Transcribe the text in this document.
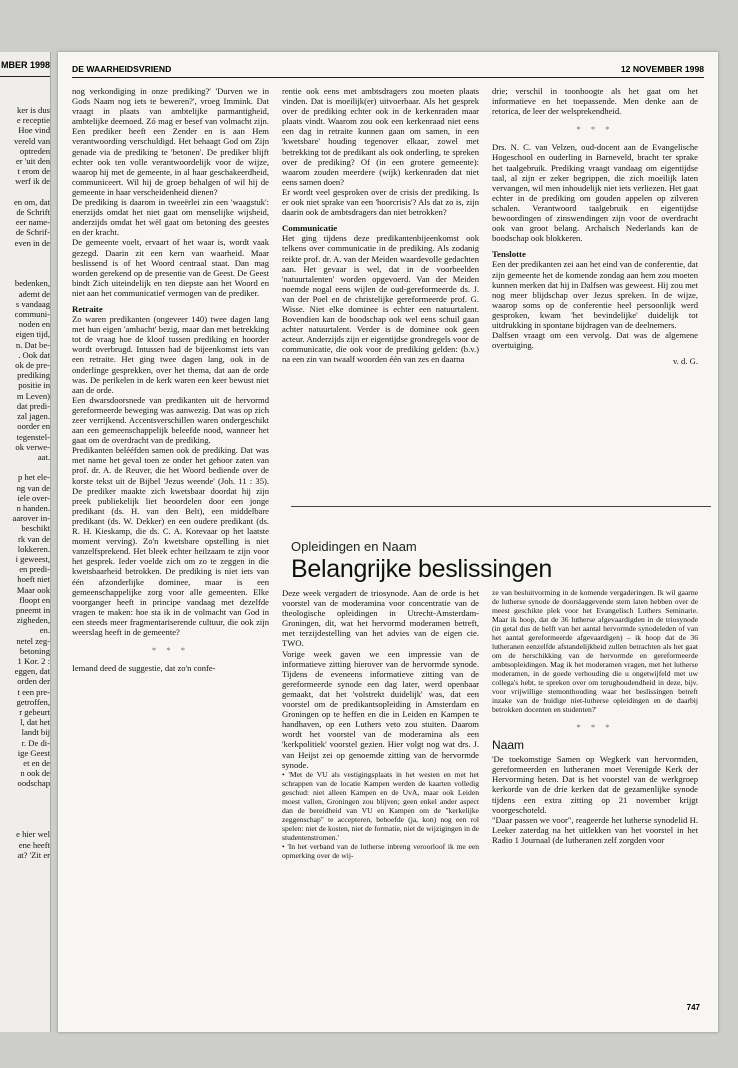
MBER 1998
ker is dus
e receptie
Hoe vind
vereld van
optreden
er 'uit den
t erom de
werf ik de

en om, dat
de Schrift
eer name-
de Schrif-
even in de

bedenken,
ademt de
s vandaag
communi-
noden en
eigen tijd,
n. Dat be-
. Ook dat
ok de pre-
prediking
positie in
m Leven)
dat predi-
zal jagen.
oorder en
tegenstel-
ok verwe-
aat.

p het ele-
ng van de
iele over-
n handen.
aarover in-
beschikt
rk van de
lokkeren.
i geweest,
en predi-
hoeft niet
Maar ook
floopt en
pneemt in
zigheden,
en.
netel zeg-
betoning
1 Kor. 2 :
eggen, dat
orden der
t een pre-
getroffen,
r gebeurt
l, dat het
landt bij
r. De di-
ige Geest
et en de
n ook de
oodschap

e hier wel
ene heeft
at? 'Zit er
DE WAARHEIDSVRIEND	12 NOVEMBER 1998

nog verkondiging in onze prediking?' 'Durven we in Gods Naam nog iets te beweren?', vroeg Immink. Dat vraagt in plaats van ambtelijke parmantigheid, ambtelijke deemoed. Zó mag er besef van volmacht zijn. Een prediker heeft een Zender en is aan Hem verantwoording verschuldigd. Het behaagt God om Zijn genade via de prediking te 'betonen'. De prediker blijft echter ook ten volle verantwoordelijk voor de wijze, waarop hij met de gemeente, in al haar geschakeerdheid, communiceert. Wil hij de groep behalgen of wil hij de gemeente in haar verscheidenheid dienen?

De prediking is daarom in tweeërlei zin een 'waagstuk': enerzijds omdat het niet gaat om menselijke wijsheid, anderzijds omdat het wèl gaat om betoning des geestes en der kracht.

De gemeente voelt, ervaart of het waar is, wordt vaak gezegd. Daarin zit een kern van waarheid. Maar beslissend is of het Woord centraal staat. Dan mag worden gerekend op de presentie van de Geest. De Geest bindt Zich uiteindelijk en ten diepste aan het Woord en niet aan het communicatief vermogen van de prediker.

Retraite

Zo waren predikanten (ongeveer 140) twee dagen lang met hun eigen 'ambacht' bezig, maar dan met betrekking tot de vraag hoe de kloof tussen prediking en hoorder wordt overbrugd. Intussen had de bijeenkomst iets van een retraite. Het ging twee dagen lang, ook in de onderlinge gesprekken, over het thema, dat aan de orde was. De perikelen in de kerk waren een keer bewust niet aan de orde.

Een dwarsdoorsnede van predikanten uit de hervormd gereformeerde beweging was aanwezig. Dat was op zich zeer verrijkend. Accentsverschillen waren ondergeschikt aan een gemeenschappelijk beleefde nood, wanneer het gaat om de overdracht van de prediking.

Predikanten belééfden samen ook de prediking. Dat was met name het geval toen ze onder het gehoor zaten van prof. dr. A. de Reuver, die het Woord bediende over de korste tekst uit de Bijbel 'Jezus weende' (Joh. 11 : 35). De prediker maakte zich kwetsbaar doordat hij zijn preek publiekelijk liet beoordelen door een jonge predikant (ds. H. van den Belt), een middelbare predikant (ds. W. Dekker) en een oudere predikant (ds. R. H. Kieskamp, die ds. C. A. Korevaar op het laatste moment verving). Zo'n kwetsbare opstelling is niet vanzelfsprekend. Het bleek echter heilzaam te zijn voor het gesprek. Ieder voelde zich om zo te zeggen in die kwetsbaarheid betrokken. De prediking is niet iets van één afzonderlijke dominee, maar is een gemeenschappelijke zorg voor alle gemeenten. Elke voorganger heeft in principe vandaag met dezelfde vragen te maken: hoe sta ik in de volmacht van God in een steeds meer fragmentariserende cultuur, die ook zijn weerslag heeft in de gemeente?

* * *

Iemand deed de suggestie, dat zo'n confe-

rentie ook eens met ambtsdragers zou moeten plaats vinden. Dat is moeilijk(er) uitvoerbaar. Als het gesprek over de prediking echter ook in de kerkenraden maar plaats vindt. Waarom zou ook een kerkenraad niet eens een dag in retraite kunnen gaan om samen, in een 'kwetsbare' houding tegenover elkaar, zowel met betrekking tot de predikant als ook onderling, te spreken over de prediking? Of (in een grotere gemeente): waarom zouden meerdere (wijk) kerkenraden dat niet eens samen doen?

Er wordt veel gesproken over de crisis der prediking. Is er ook niet sprake van een 'hoorcrisis'? Als dat zo is, zijn daarin ook de ambtsdragers dan niet betrokken?

Communicatie

Het ging tijdens deze predikantenbijeenkomst ook telkens over communicatie in de prediking. Als zodanig reikte prof. dr. A. van der Meiden waardevolle gedachten aan. Het gevaar is wel, dat in de voorbeelden 'natuurtalenten' worden opgevoerd. Van der Meiden noemde nogal eens wijlen de oud-gereformeerde ds. J. van der Poel en de christelijke gereformeerde prof. G. Wisse. Niet elke dominee is echter een natuurtalent. Bovendien kan de boodschap ook wel eens schuil gaan achter natuurtalent. Verder is de dominee ook geen acteur. Anderzijds zijn er eigentijdse grondregels voor de communicatie, die ook voor de prediking gelden: (b.v.) na een zin van twaalf woorden één van zes en daarna

drie; verschil in toonhoogte als het gaat om het informatieve en het toepassende. Men denke aan de retorica, de leer der welsprekendheid.

* * *

Drs. N. C. van Velzen, oud-docent aan de Evangelische Hogeschool en ouderling in Barneveld, bracht ter sprake het taalgebruik. Prediking vraagt vandaag om eigentijdse taal, al zijn er zeker begrippen, die zich moeilijk laten vervangen, wil men inhoudelijk niet iets verliezen. Het gaat echter in de prediking om gouden appelen op zilveren schalen. Verantwoord taalgebruik en eigentijdse bewoordingen of zinswendingen zijn voor de overdracht ook van groot belang. Archaïsch Nederlands kan de boodschap ook blokkeren.

Tenslotte

Een der predikanten zei aan het eind van de conferentie, dat zijn gemeente het de komende zondag aan hem zou moeten kunnen merken dat hij in Dalfsen was geweest. Hij zou met nog meer blijdschap over Jezus spreken. In de wijze, waarop soms op de conferentie heel persoonlijk werd gesproken, kwam 'het bevindelijke' duidelijk tot uitdrukking in spontane bijdragen van de deelnemers.

Dalfsen vraagt om een vervolg. Dat was de algemene overtuiging.

v. d. G.
Opleidingen en Naam
Belangrijke beslissingen

Deze week vergadert de triosynode. Aan de orde is het voorstel van de moderamina voor concentratie van de theologische opleidingen in Utrecht-Amsterdam-Groningen, dit, wat het hervormd moderamen betreft, met terzijdestelling van het advies van de eigen cie. TWO.

Vorige week gaven we een impressie van de informatieve zitting hierover van de hervormde synode. Tijdens de eveneens informatieve zitting van de gereformeerde synode een dag later, werd openbaar gemaakt, dat het 'volstrekt duidelijk' was, dat een voorstel om de predikantsopleiding in Amsterdam en Groningen op te heffen en die in Leiden en Kampen te handhaven, op een Luthers veto zou stuiten. Daarom wordt het voorstel van de moderamina als een 'kerkpolitiek' voorstel gezien. Hier volgt nog wat drs. J. van Heijst zei op genoemde zitting van de hervormde synode.

• 'Met de VU als vestigingsplaats in het westen en met het schrappen van de locatie Kampen werden de kaarten volledig geschud: niet alleen Kampen en de UvA, maar ook Leiden moest vallen, Groningen zou blijven; geen enkel ander aspect dan de bereidheid van VU en Kampen om de "kerkelijke zeggenschap" te accepteren, behoefde (ja, kon) nog een rol spelen: niet de kosten, niet de formatie, niet de wijzigingen in de studentenstromen.'

• 'In het verband van de lutherse inbreng veroorloof ik me een opmerking over de wij-

ze van besluitvorming in de komende vergaderingen. Ik wil gaarne de lutherse synode de doorslaggevende stem laten hebben over de meest geschikte plek voor het Evangelisch Luthers Seminarie. Maar ik hoop, dat de 36 lutherse afgevaardigden in de triosynode (in getal dus de helft van het aantal hervormde synodeleden of van het aantal gereformeerde afgevaardigen) – ik hoop dat de 36 lutheranen eenzelfde afstandelijkheid zullen betrachten als het gaat om de herschikking van de hervormde en gereformeerde ambtsopleidingen. Mag ik het moderamen vragen, met het lutherse moderamen, in de goede verhouding die u ongetwijfeld met uw collega's hebt, te spreken over om terughoudendheid in deze, bijv. voor vrijwillige stemonthouding waar het beslissingen betreft inzake van de huidige niet-lutherse opleidingen en de daarbij betrokken docenten en studenten?'

* * *
Naam

'De toekomstige Samen op Wegkerk van hervormden, gereformeerden en lutheranen moet Verenigde Kerk der Hervorming heten. Dat is het voorstel van de werkgroep kerkorde van de drie kerken dat de gezamenlijke synode tijdens een extra zitting op 21 november krijgt voorgeschoteld.

"Daar passen we voor", reageerde het lutherse synodelid H. Leeker zaterdag na het uitlekken van het voorstel in het Radio 1 Journaal (de lutheranen zelf zorgden voor

747
